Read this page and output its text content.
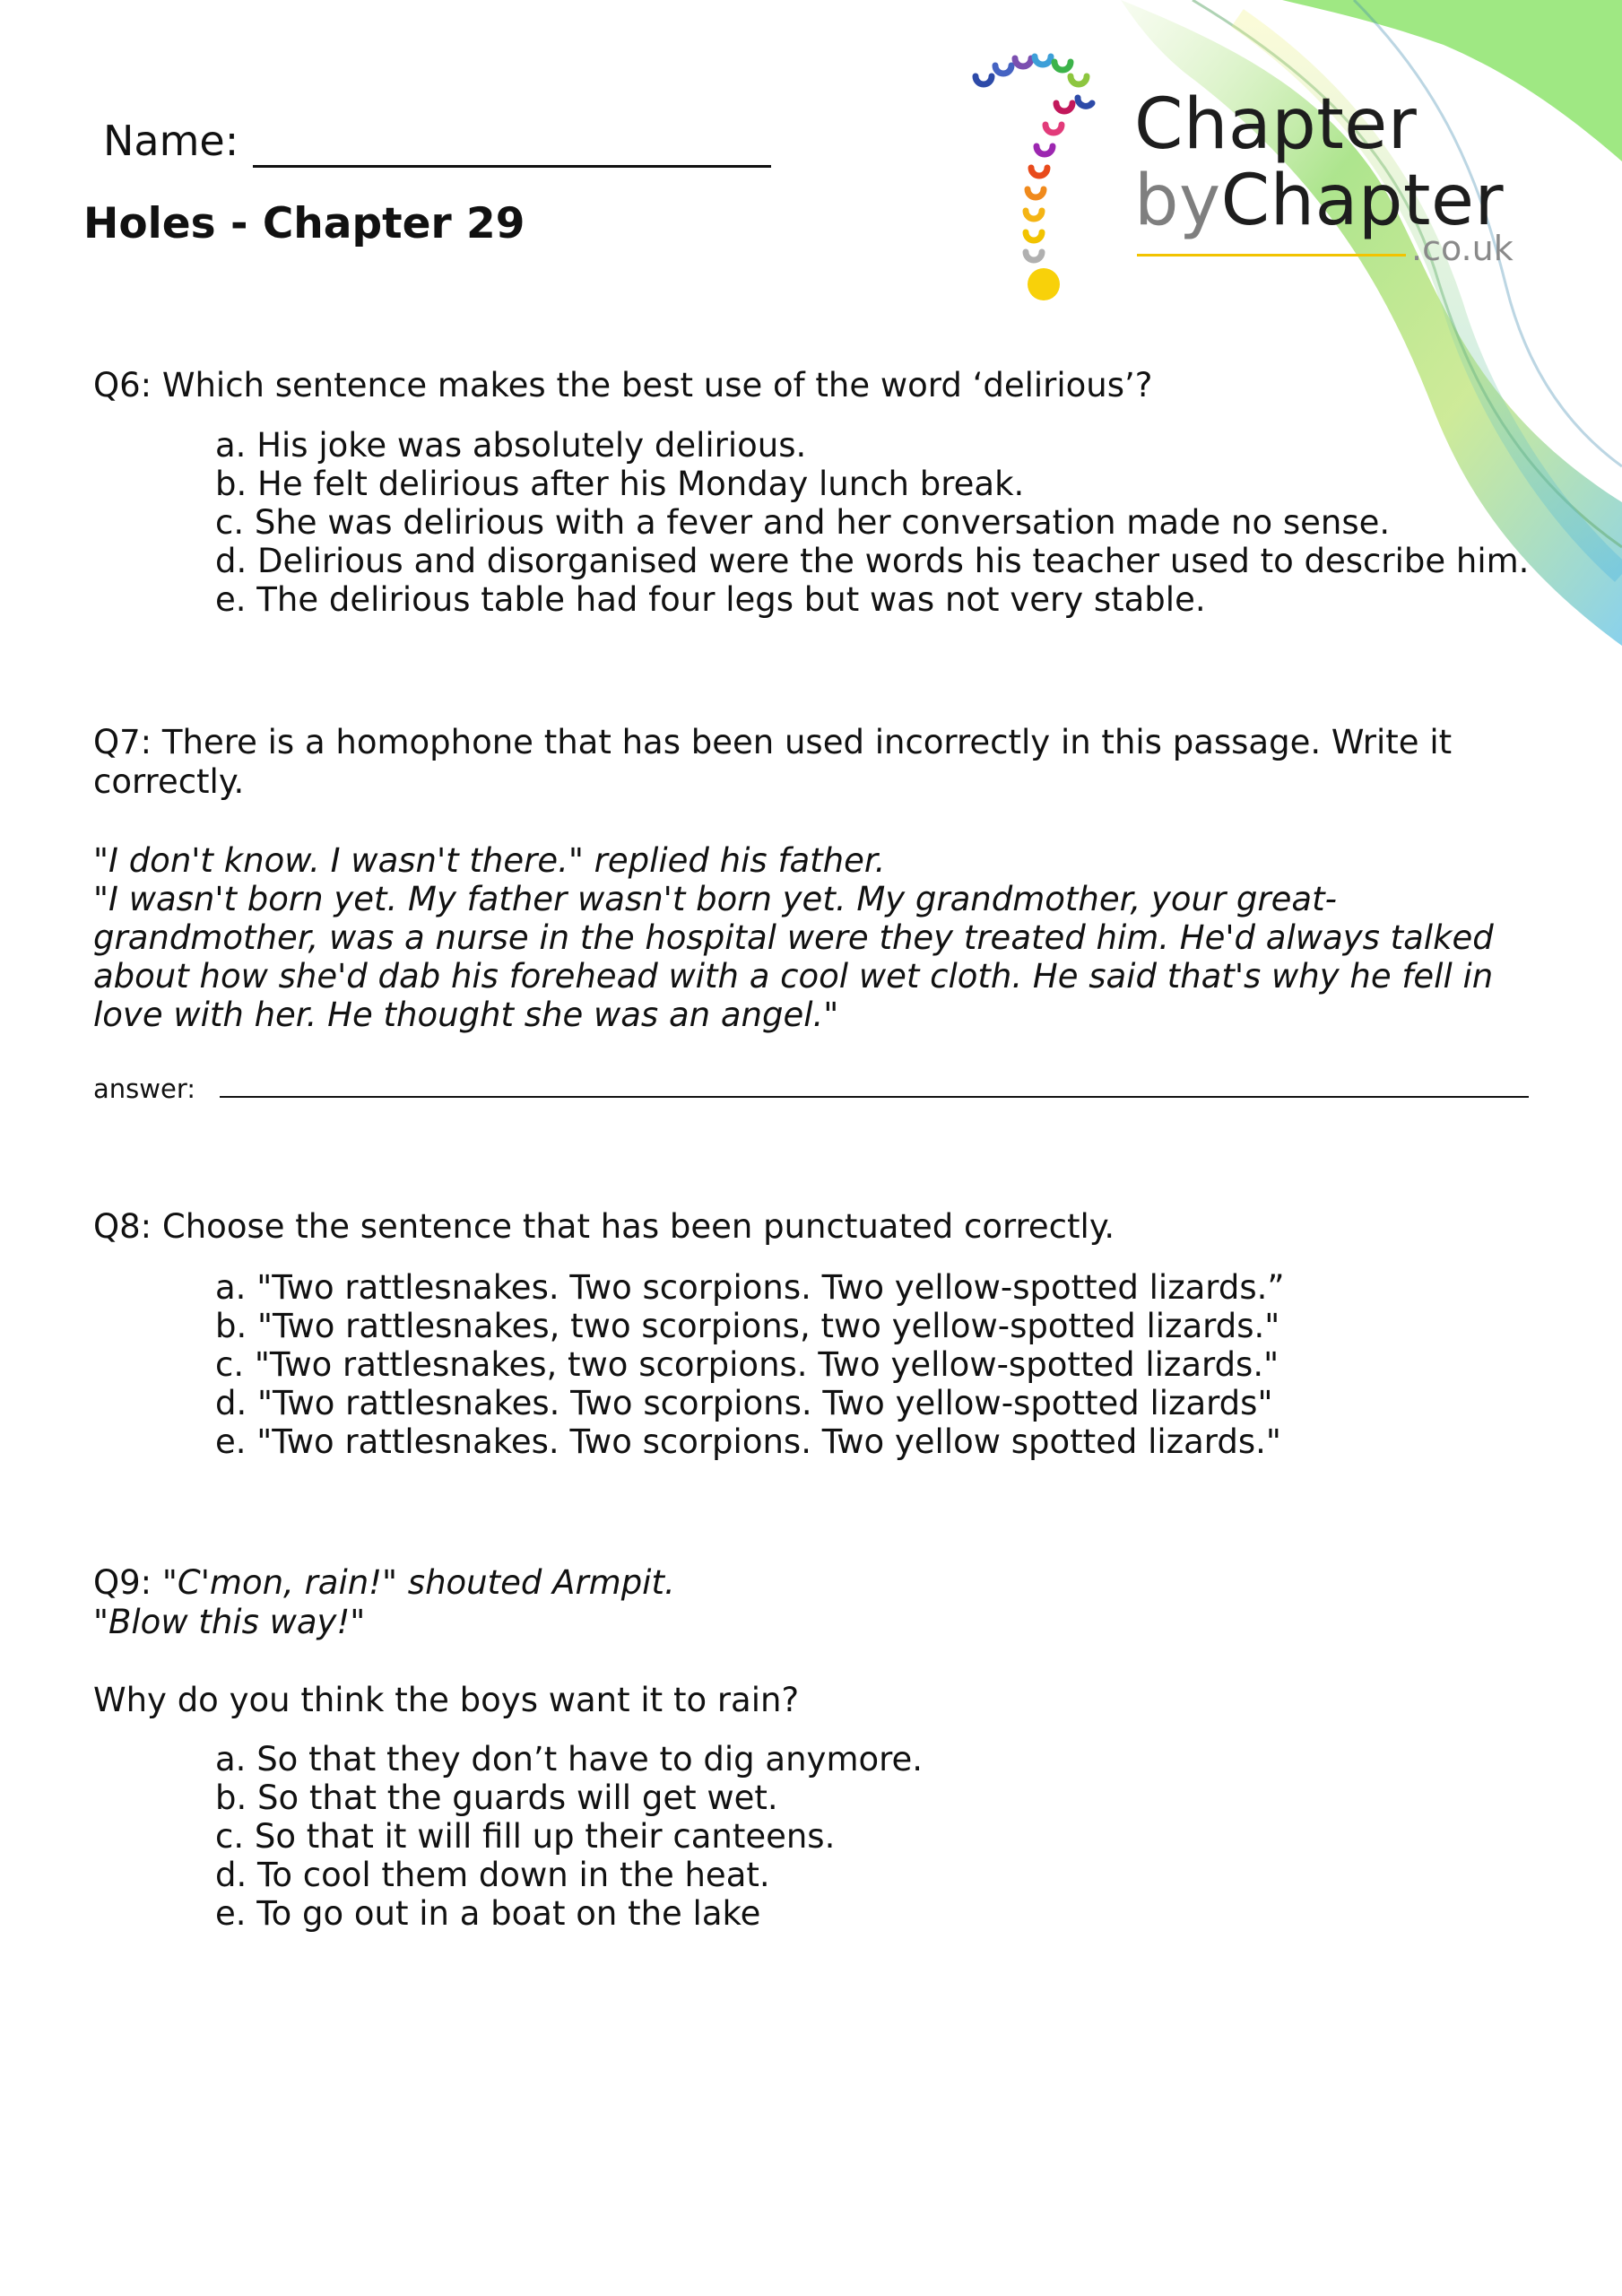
Chapter
byChapter
.co.uk
Name:
Holes - Chapter 29
Q6: Which sentence makes the best use of the word ‘delirious’?
a. His joke was absolutely delirious.
b. He felt delirious after his Monday lunch break.
c. She was delirious with a fever and her conversation made no sense.
d. Delirious and disorganised were the words his teacher used to describe him.
e. The delirious table had four legs but was not very stable.
Q7: There is a homophone that has been used incorrectly in this passage. Write it correctly.
"I don't know. I wasn't there." replied his father.
"I wasn't born yet. My father wasn't born yet. My grandmother, your great-
grandmother, was a nurse in the hospital were they treated him. He'd always talked
about how she'd dab his forehead with a cool wet cloth. He said that's why he fell in
love with her. He thought she was an angel."
answer:
Q8: Choose the sentence that has been punctuated correctly.
a. "Two rattlesnakes. Two scorpions. Two yellow-spotted lizards.”
b. "Two rattlesnakes, two scorpions, two yellow-spotted lizards."
c. "Two rattlesnakes, two scorpions. Two yellow-spotted lizards."
d. "Two rattlesnakes. Two scorpions. Two yellow-spotted lizards"
e. "Two rattlesnakes. Two scorpions. Two yellow spotted lizards."
Q9: "C'mon, rain!" shouted Armpit.
"Blow this way!"
Why do you think the boys want it to rain?
a. So that they don’t have to dig anymore.
b. So that the guards will get wet.
c. So that it will fill up their canteens.
d. To cool them down in the heat.
e. To go out in a boat on the lake
